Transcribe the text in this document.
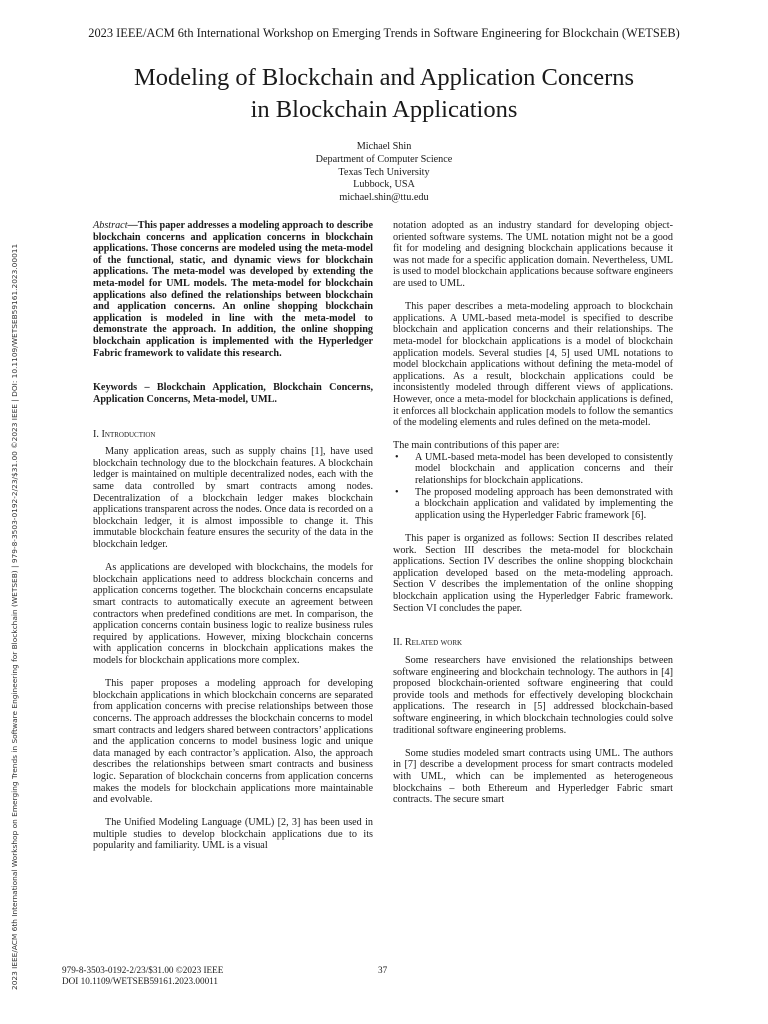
2023 IEEE/ACM 6th International Workshop on Emerging Trends in Software Engineering for Blockchain (WETSEB)
Modeling of Blockchain and Application Concerns
in Blockchain Applications
Michael Shin
Department of Computer Science
Texas Tech University
Lubbock, USA
michael.shin@ttu.edu
2023 IEEE/ACM 6th International Workshop on Emerging Trends in Software Engineering for Blockchain (WETSEB) | 979-8-3503-0192-2/23/$31.00 ©2023 IEEE | DOI: 10.1109/WETSEB59161.2023.00011

Abstract—This paper addresses a modeling approach to describe blockchain concerns and application concerns in blockchain applications. Those concerns are modeled using the meta-model of the functional, static, and dynamic views for blockchain applications. The meta-model was developed by extending the meta-model for UML models. The meta-model for blockchain applications also defined the relationships between blockchain and application concerns. An online shopping blockchain application is modeled in line with the meta-model to demonstrate the approach. In addition, the online shopping blockchain application is implemented with the Hyperledger Fabric framework to validate this research.

Keywords – Blockchain Application, Blockchain Concerns, Application Concerns, Meta-model, UML.

I. Introduction

Many application areas, such as supply chains [1], have used blockchain technology due to the blockchain features. A blockchain ledger is maintained on multiple decentralized nodes, each with the same data controlled by smart contracts among nodes. Decentralization of a blockchain ledger makes blockchain applications transparent across the nodes. Once data is recorded on a blockchain ledger, it is almost impossible to change it. This immutable blockchain feature ensures the security of the data in the blockchain ledger.

As applications are developed with blockchains, the models for blockchain applications need to address blockchain concerns and application concerns together. The blockchain concerns encapsulate smart contracts to automatically execute an agreement between contractors when predefined conditions are met. In comparison, the application concerns contain business logic to realize business rules required by applications. However, mixing blockchain concerns with application concerns in blockchain applications makes the models for blockchain applications more complex.

This paper proposes a modeling approach for developing blockchain applications in which blockchain concerns are separated from application concerns with precise relationships between those concerns. The approach addresses the blockchain concerns to model smart contracts and ledgers shared between contractors’ applications and the application concerns to model business logic and unique data managed by each contractor’s application. Also, the approach describes the relationships between smart contracts and business logic. Separation of blockchain concerns from application concerns makes the models for blockchain applications more maintainable and evolvable.

The Unified Modeling Language (UML) [2, 3] has been used in multiple studies to develop blockchain applications due to its popularity and familiarity. UML is a visual

notation adopted as an industry standard for developing object-oriented software systems. The UML notation might not be a good fit for modeling and designing blockchain applications because it was not made for a specific application domain. Nevertheless, UML is used to model blockchain applications because software engineers are used to UML.

This paper describes a meta-modeling approach to blockchain applications. A UML-based meta-model is specified to describe blockchain and application concerns and their relationships. The meta-model for blockchain applications is a model of blockchain application models. Several studies [4, 5] used UML notations to model blockchain applications without defining the meta-model of applications. As a result, blockchain applications could be inconsistently modeled through different views of applications. However, once a meta-model for blockchain applications is defined, it enforces all blockchain application models to follow the semantics of the modeling elements and rules defined on the meta-model.

The main contributions of this paper are:

• A UML-based meta-model has been developed to consistently model blockchain and application concerns and their relationships for blockchain applications.
• The proposed modeling approach has been demonstrated with a blockchain application and validated by implementing the application using the Hyperledger Fabric framework [6].

This paper is organized as follows: Section II describes related work. Section III describes the meta-model for blockchain applications. Section IV describes the online shopping blockchain application developed based on the meta-modeling approach. Section V describes the implementation of the online shopping blockchain application using the Hyperledger Fabric framework. Section VI concludes the paper.

II. Related work

Some researchers have envisioned the relationships between software engineering and blockchain technology. The authors in [4] proposed blockchain-oriented software engineering that could provide tools and methods for effectively developing blockchain applications. The research in [5] addressed blockchain-based software engineering, in which blockchain technologies could solve traditional software engineering problems.

Some studies modeled smart contracts using UML. The authors in [7] describe a development process for smart contracts modeled with UML, which can be implemented as heterogeneous blockchains – both Ethereum and Hyperledger Fabric smart contracts. The secure smart

979-8-3503-0192-2/23/$31.00 ©2023 IEEE
DOI 10.1109/WETSEB59161.2023.00011
37
